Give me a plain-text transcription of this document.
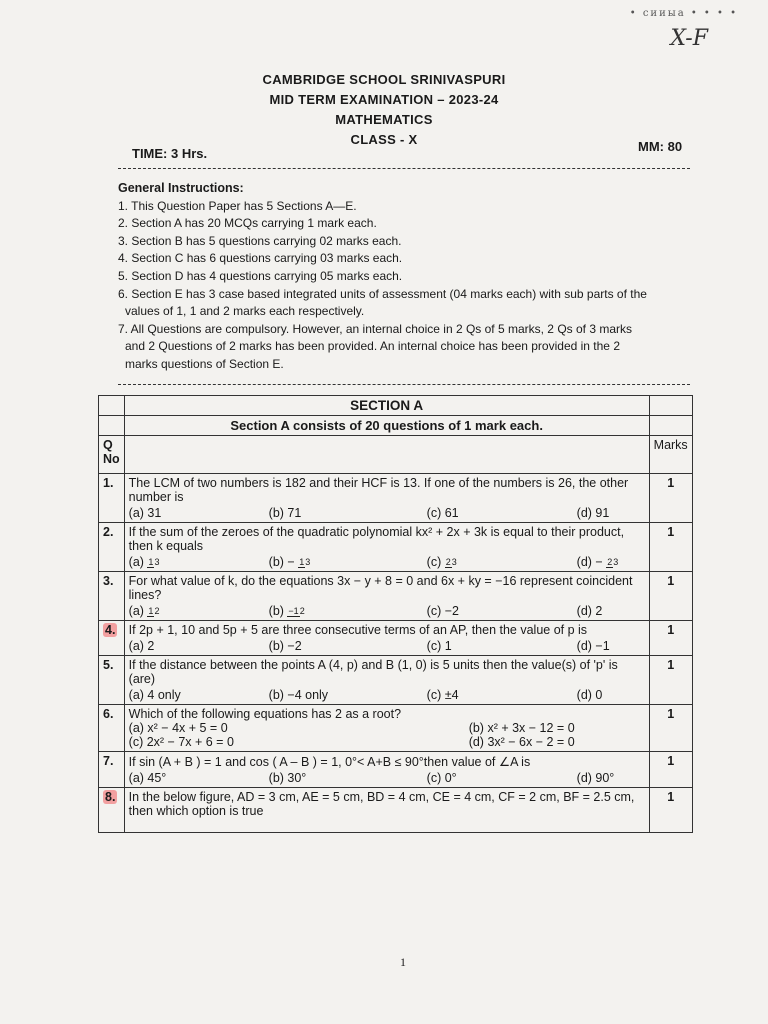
• сииыа • • • •
X-F
CAMBRIDGE SCHOOL SRINIVASPURI
MID TERM EXAMINATION – 2023-24
MATHEMATICS
CLASS - X
TIME: 3 Hrs.	MM: 80
General Instructions:
1. This Question Paper has 5 Sections A—E.
2. Section A has 20 MCQs carrying 1 mark each.
3. Section B has 5 questions carrying 02 marks each.
4. Section C has 6 questions carrying 03 marks each.
5. Section D has 4 questions carrying 05 marks each.
6. Section E has 3 case based integrated units of assessment (04 marks each) with sub parts of the
values of 1, 1 and 2 marks each respectively.
7. All Questions are compulsory. However, an internal choice in 2 Qs of 5 marks, 2 Qs of 3 marks
and 2 Questions of 2 marks has been provided. An internal choice has been provided in the 2
marks questions of Section E.
	SECTION A	
	Section A consists of 20 questions of 1 mark each.	
Q No		Marks
1.	The LCM of two numbers is 182 and their HCF is 13. If one of the numbers is 26, the other number is
(a) 31 (b) 71 (c) 61 (d) 91	1
2.	If the sum of the zeroes of the quadratic polynomial kx² + 2x + 3k is equal to their product, then k equals
(a) 13 (b) − 13 (c) 23 (d) − 23	1
3.	For what value of k, do the equations 3x − y + 8 = 0 and 6x + ky = −16 represent coincident lines?
(a) 12 (b) −12 (c) −2 (d) 2	1
4.	If 2p + 1, 10 and 5p + 5 are three consecutive terms of an AP, then the value of p is
(a) 2 (b) −2 (c) 1 (d) −1	1
5.	If the distance between the points A (4, p) and B (1, 0) is 5 units then the value(s) of 'p' is (are)
(a) 4 only (b) −4 only (c) ±4 (d) 0	1
6.	Which of the following equations has 2 as a root?
(a) x² − 4x + 5 = 0 (b) x² + 3x − 12 = 0
(c) 2x² − 7x + 6 = 0 (d) 3x² − 6x − 2 = 0	1
7.	If sin (A + B ) = 1 and cos ( A – B ) = 1, 0°< A+B ≤ 90°then value of ∠A is
(a) 45° (b) 30° (c) 0° (d) 90°	1
8.	In the below figure, AD = 3 cm, AE = 5 cm, BD = 4 cm, CE = 4 cm, CF = 2 cm, BF = 2.5 cm, then which option is true	1
1
